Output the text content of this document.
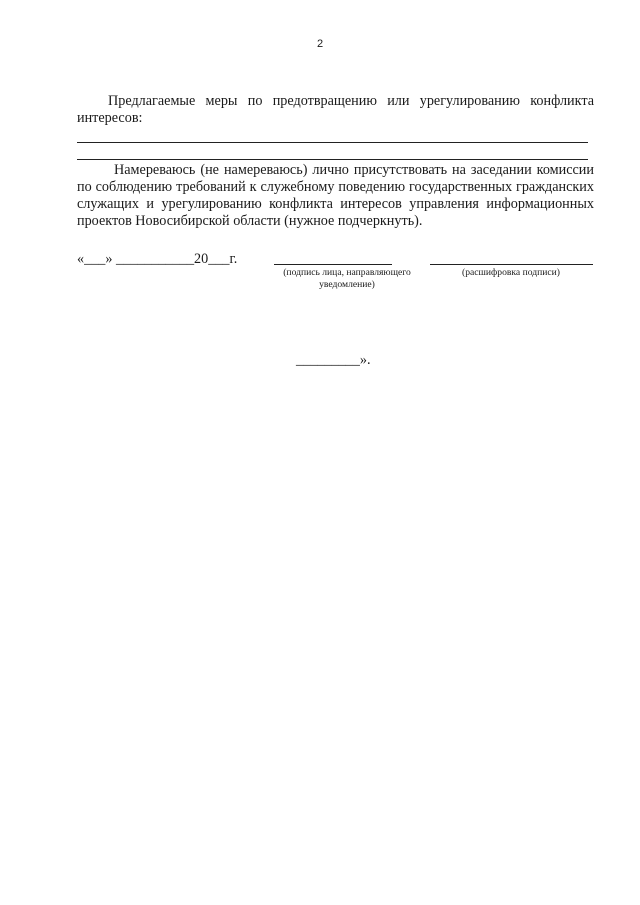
2

Предлагаемые меры по предотвращению или урегулированию конфликта интересов:

Намереваюсь (не намереваюсь) лично присутствовать на заседании комиссии по соблюдению требований к служебному поведению государственных гражданских служащих и урегулированию конфликта интересов управления информационных проектов Новосибирской области (нужное подчеркнуть).

«___» ___________20___г.
(подпись лица, направляющего уведомление)
(расшифровка подписи)
_________».
